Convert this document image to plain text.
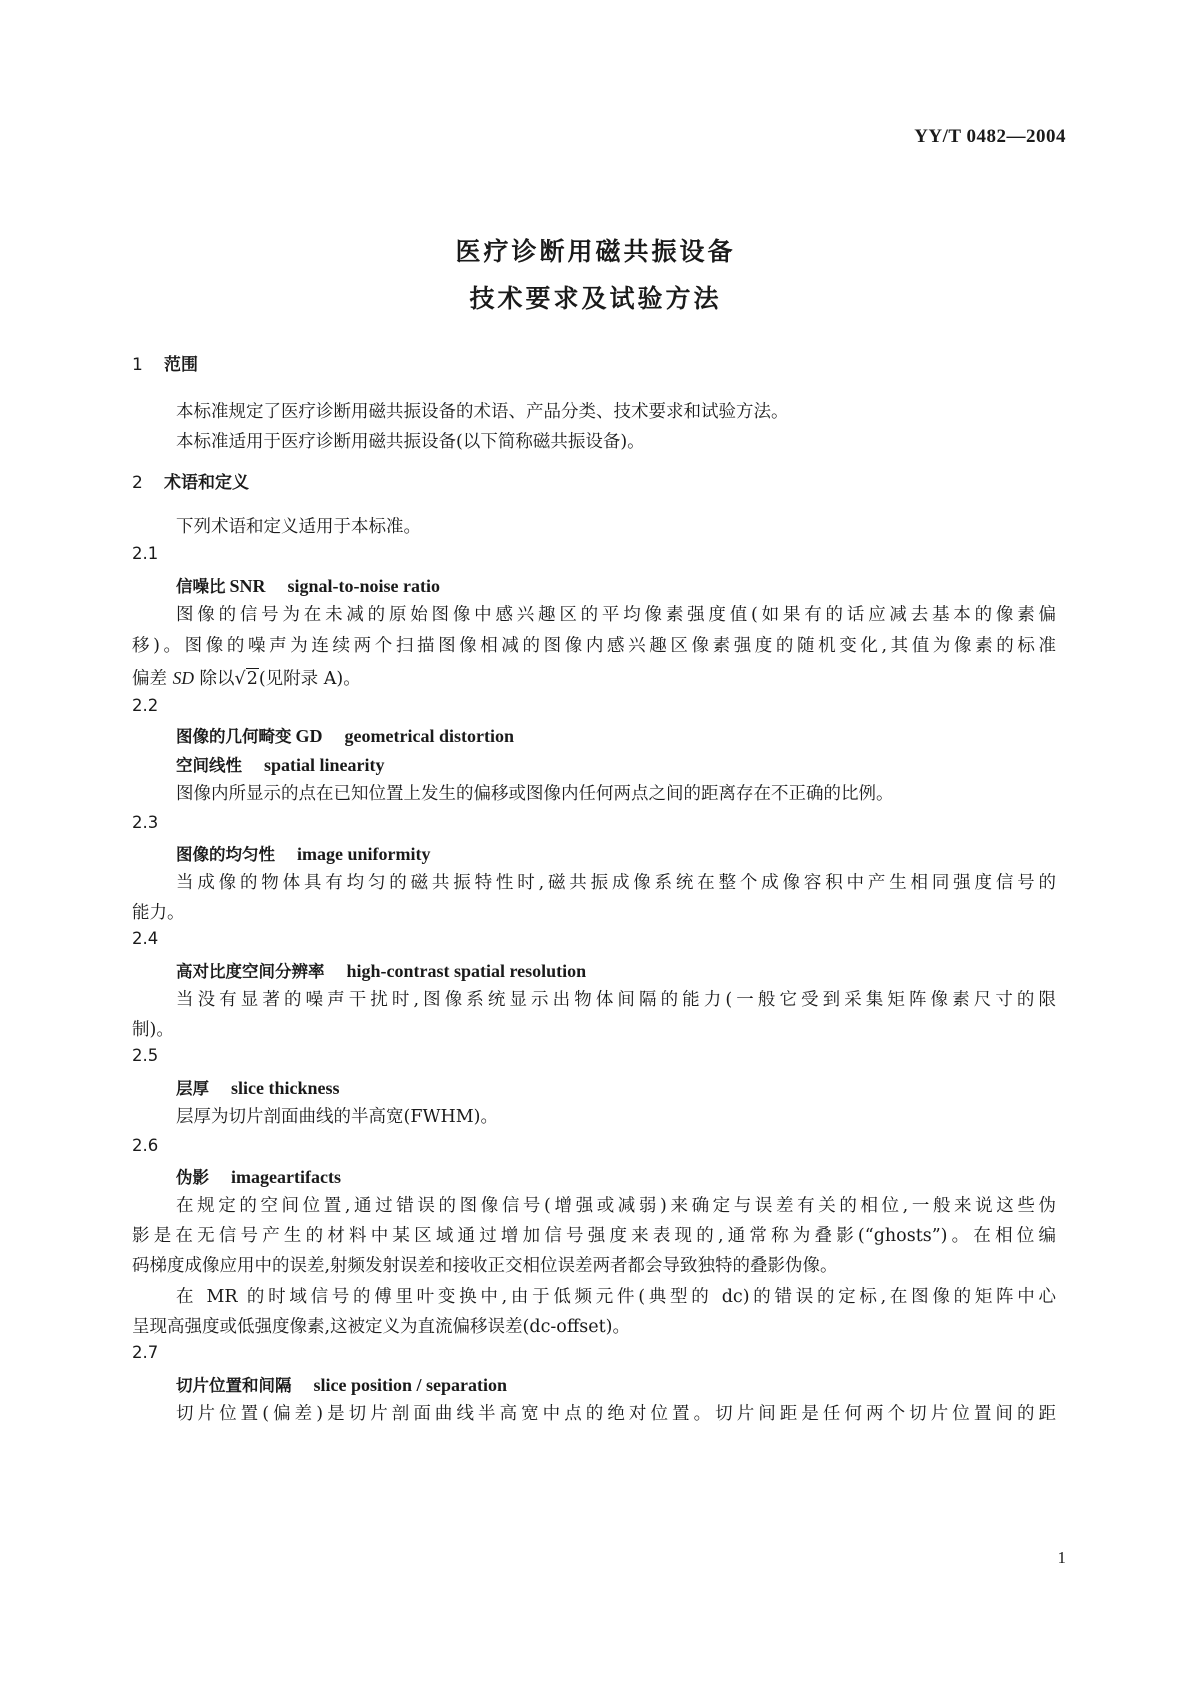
YY/T 0482—2004
医疗诊断用磁共振设备
技术要求及试验方法
1 范围
本标准规定了医疗诊断用磁共振设备的术语、产品分类、技术要求和试验方法。
本标准适用于医疗诊断用磁共振设备(以下简称磁共振设备)。
2 术语和定义
下列术语和定义适用于本标准。
2.1
信噪比 SNR signal-to-noise ratio
图像的信号为在未减的原始图像中感兴趣区的平均像素强度值(如果有的话应减去基本的像素偏
移)。图像的噪声为连续两个扫描图像相减的图像内感兴趣区像素强度的随机变化,其值为像素的标准
偏差 SD 除以√2(见附录 A)。
2.2
图像的几何畸变 GD geometrical distortion
空间线性 spatial linearity
图像内所显示的点在已知位置上发生的偏移或图像内任何两点之间的距离存在不正确的比例。
2.3
图像的均匀性 image uniformity
当成像的物体具有均匀的磁共振特性时,磁共振成像系统在整个成像容积中产生相同强度信号的
能力。
2.4
高对比度空间分辨率 high-contrast spatial resolution
当没有显著的噪声干扰时,图像系统显示出物体间隔的能力(一般它受到采集矩阵像素尺寸的限
制)。
2.5
层厚 slice thickness
层厚为切片剖面曲线的半高宽(FWHM)。
2.6
伪影 imageartifacts
在规定的空间位置,通过错误的图像信号(增强或减弱)来确定与误差有关的相位,一般来说这些伪
影是在无信号产生的材料中某区域通过增加信号强度来表现的,通常称为叠影(“ghosts”)。在相位编
码梯度成像应用中的误差,射频发射误差和接收正交相位误差两者都会导致独特的叠影伪像。
在 MR 的时域信号的傅里叶变换中,由于低频元件(典型的 dc)的错误的定标,在图像的矩阵中心
呈现高强度或低强度像素,这被定义为直流偏移误差(dc-offset)。
2.7
切片位置和间隔 slice position / separation
切片位置(偏差)是切片剖面曲线半高宽中点的绝对位置。切片间距是任何两个切片位置间的距
1
